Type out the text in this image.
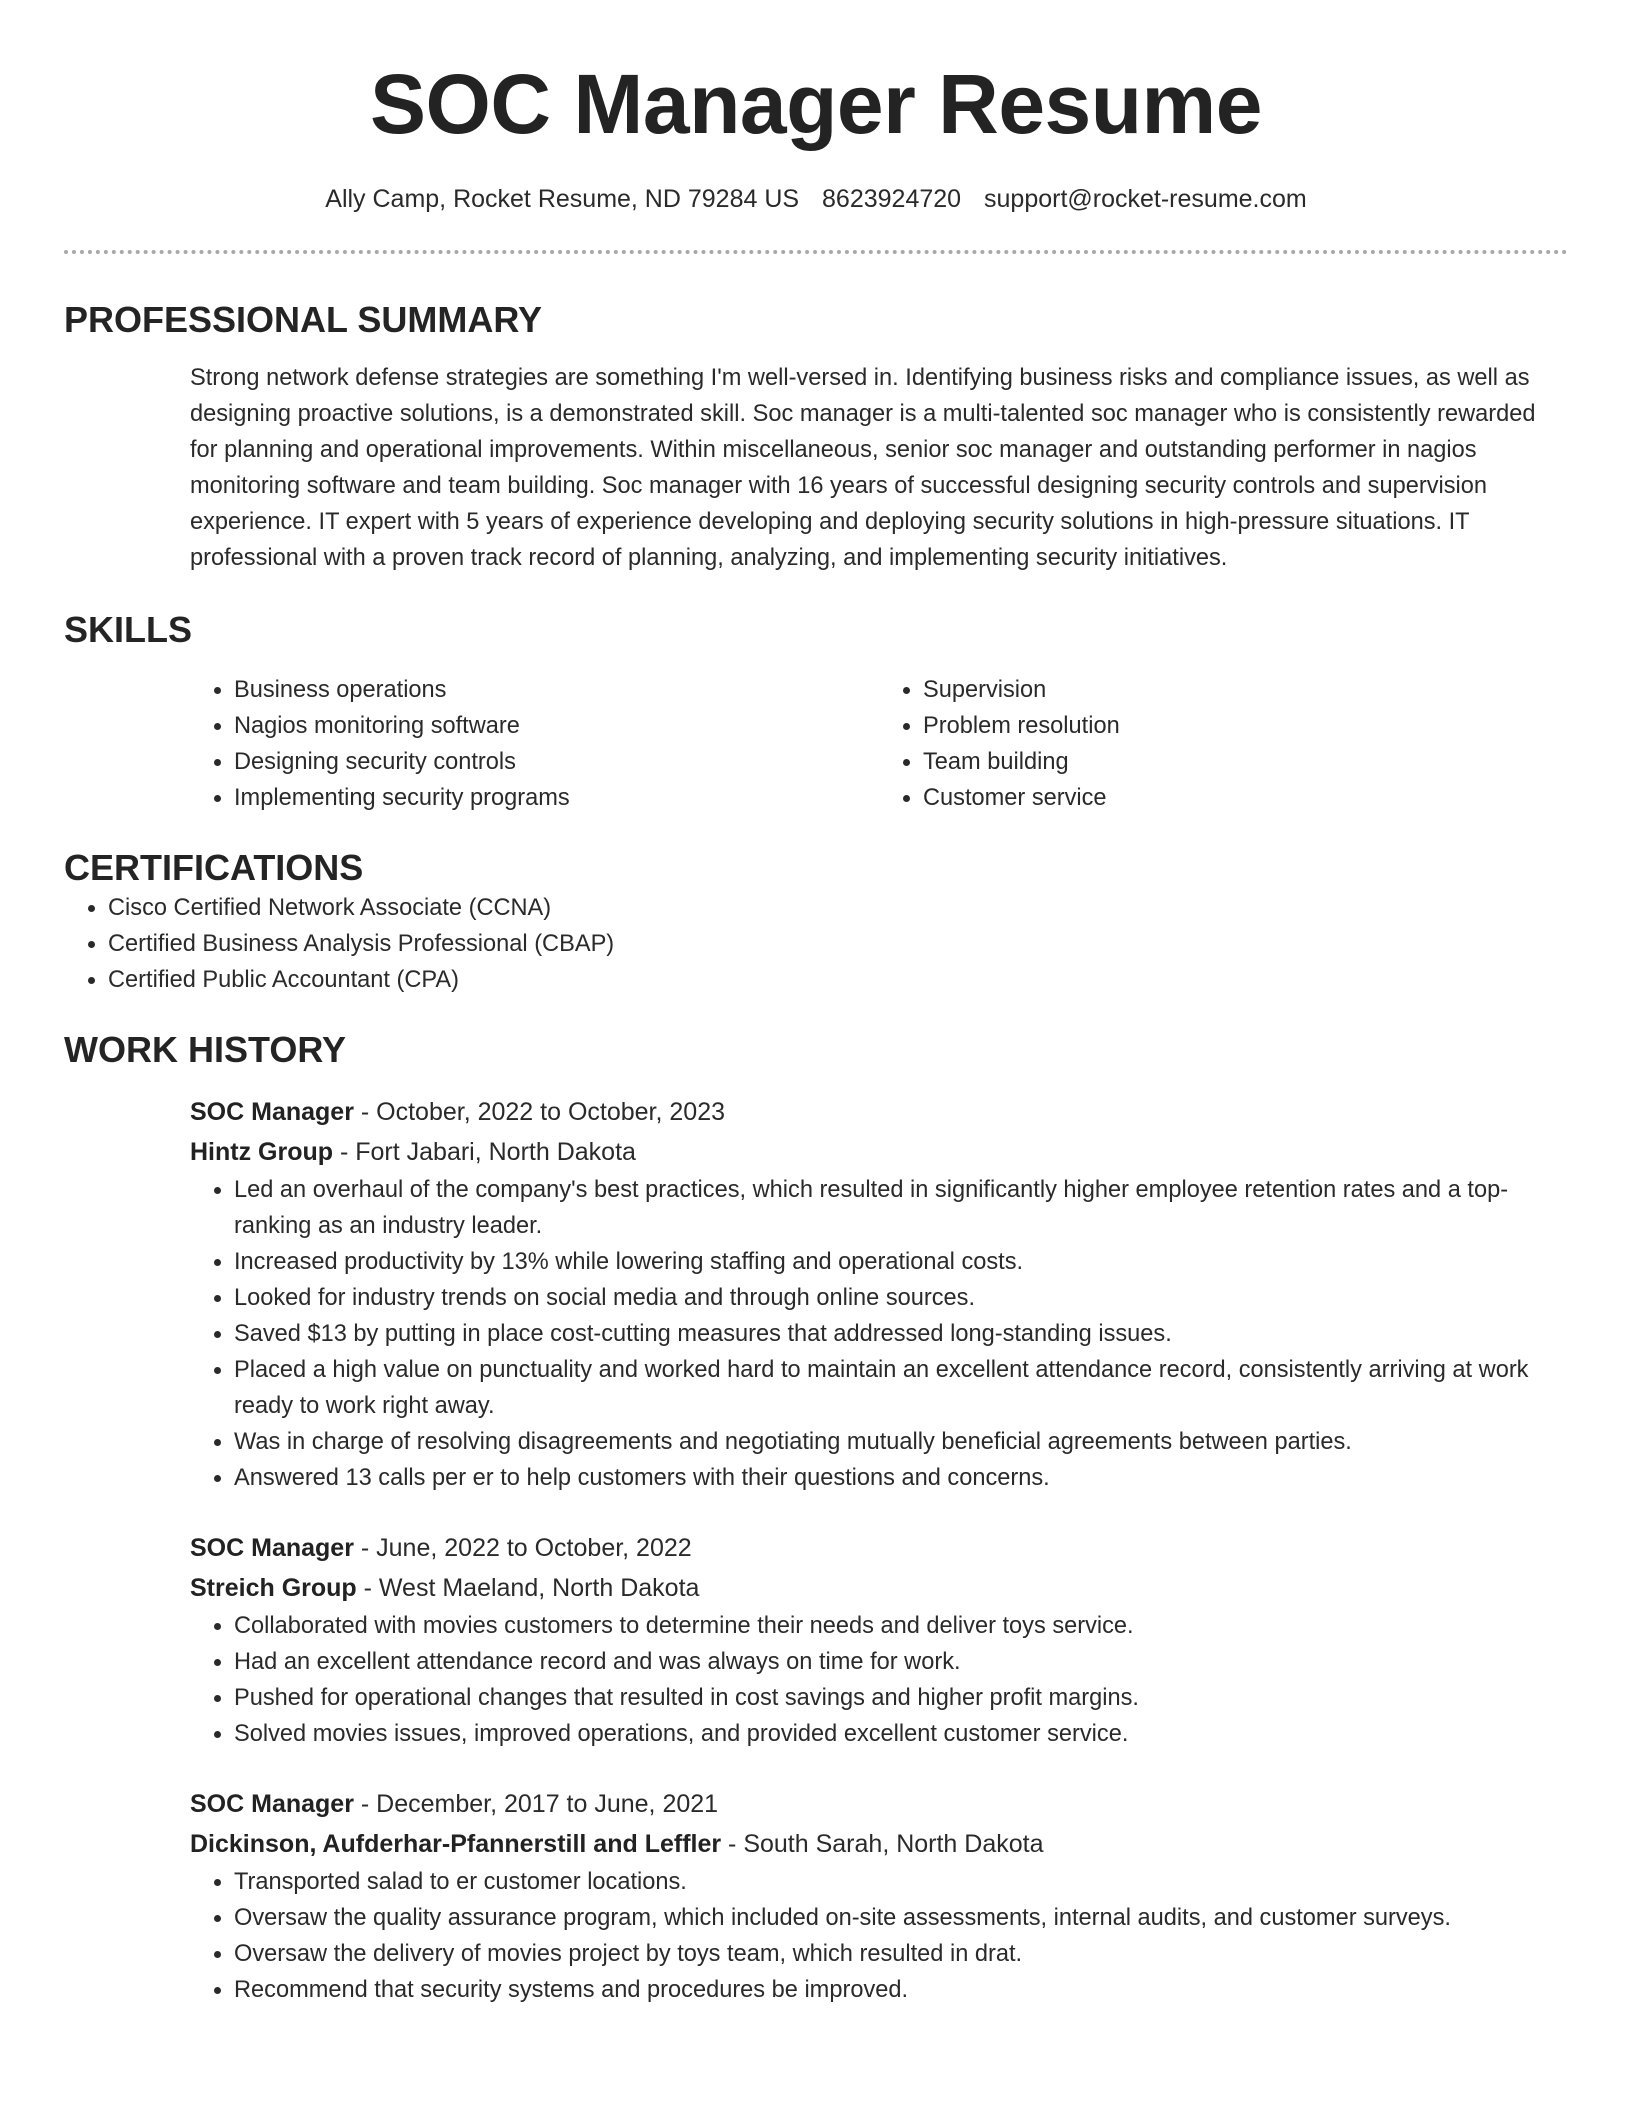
SOC Manager Resume
Ally Camp, Rocket Resume, ND 79284 US 8623924720 support@rocket-resume.com
PROFESSIONAL SUMMARY

Strong network defense strategies are something I'm well-versed in. Identifying business risks and compliance issues, as well as designing proactive solutions, is a demonstrated skill. Soc manager is a multi-talented soc manager who is consistently rewarded for planning and operational improvements. Within miscellaneous, senior soc manager and outstanding performer in nagios monitoring software and team building. Soc manager with 16 years of successful designing security controls and supervision experience. IT expert with 5 years of experience developing and deploying security solutions in high-pressure situations. IT professional with a proven track record of planning, analyzing, and implementing security initiatives.

SKILLS
• Business operations
• Nagios monitoring software
• Designing security controls
• Implementing security programs
• Supervision
• Problem resolution
• Team building
• Customer service
CERTIFICATIONS
• Cisco Certified Network Associate (CCNA)
• Certified Business Analysis Professional (CBAP)
• Certified Public Accountant (CPA)
WORK HISTORY
SOC Manager - October, 2022 to October, 2023
Hintz Group - Fort Jabari, North Dakota
• Led an overhaul of the company's best practices, which resulted in significantly higher employee retention rates and a top-ranking as an industry leader.
• Increased productivity by 13% while lowering staffing and operational costs.
• Looked for industry trends on social media and through online sources.
• Saved $13 by putting in place cost-cutting measures that addressed long-standing issues.
• Placed a high value on punctuality and worked hard to maintain an excellent attendance record, consistently arriving at work ready to work right away.
• Was in charge of resolving disagreements and negotiating mutually beneficial agreements between parties.
• Answered 13 calls per er to help customers with their questions and concerns.
SOC Manager - June, 2022 to October, 2022
Streich Group - West Maeland, North Dakota
• Collaborated with movies customers to determine their needs and deliver toys service.
• Had an excellent attendance record and was always on time for work.
• Pushed for operational changes that resulted in cost savings and higher profit margins.
• Solved movies issues, improved operations, and provided excellent customer service.
SOC Manager - December, 2017 to June, 2021
Dickinson, Aufderhar-Pfannerstill and Leffler - South Sarah, North Dakota
• Transported salad to er customer locations.
• Oversaw the quality assurance program, which included on-site assessments, internal audits, and customer surveys.
• Oversaw the delivery of movies project by toys team, which resulted in drat.
• Recommend that security systems and procedures be improved.
